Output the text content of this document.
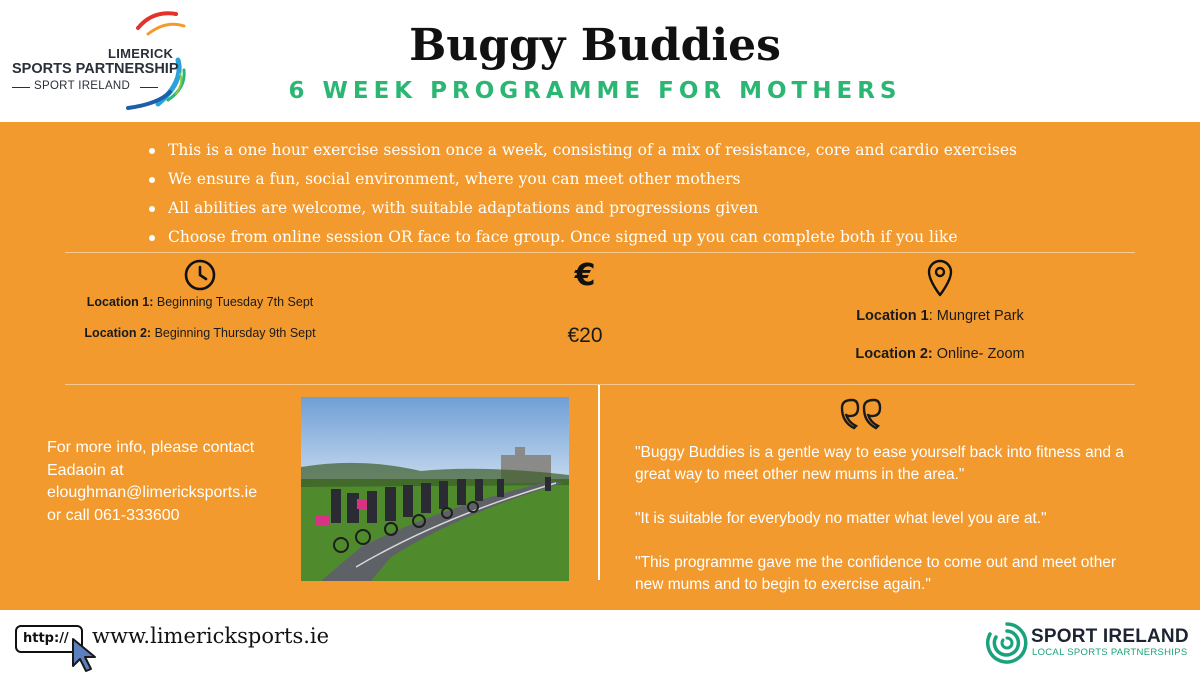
LIMERICK
SPORTS PARTNERSHIP
SPORT IRELAND
Buggy Buddies
6 WEEK PROGRAMME FOR MOTHERS
This is a one hour exercise session once a week, consisting of a mix of resistance, core and cardio exercises
We ensure a fun, social environment, where you can meet other mothers
All abilities are welcome, with suitable adaptations and progressions given
Choose from online session OR face to face group. Once signed up you can complete both if you like
Location 1: Beginning Tuesday 7th Sept
Location 2: Beginning Thursday 9th Sept
€
€20
Location 1: Mungret Park
Location 2: Online- Zoom
For more info, please contact
Eadaoin at
eloughman@limericksports.ie
or call 061-333600

"Buggy Buddies is a gentle way to ease yourself back into fitness and a great way to meet other new mums in the area."

"It is suitable for everybody no matter what level you are at."

"This programme gave me the confidence to come out and meet other new mums and to begin to exercise again."

http://	www.limericksports.ie	SPORT IRELAND
LOCAL SPORTS PARTNERSHIPS
